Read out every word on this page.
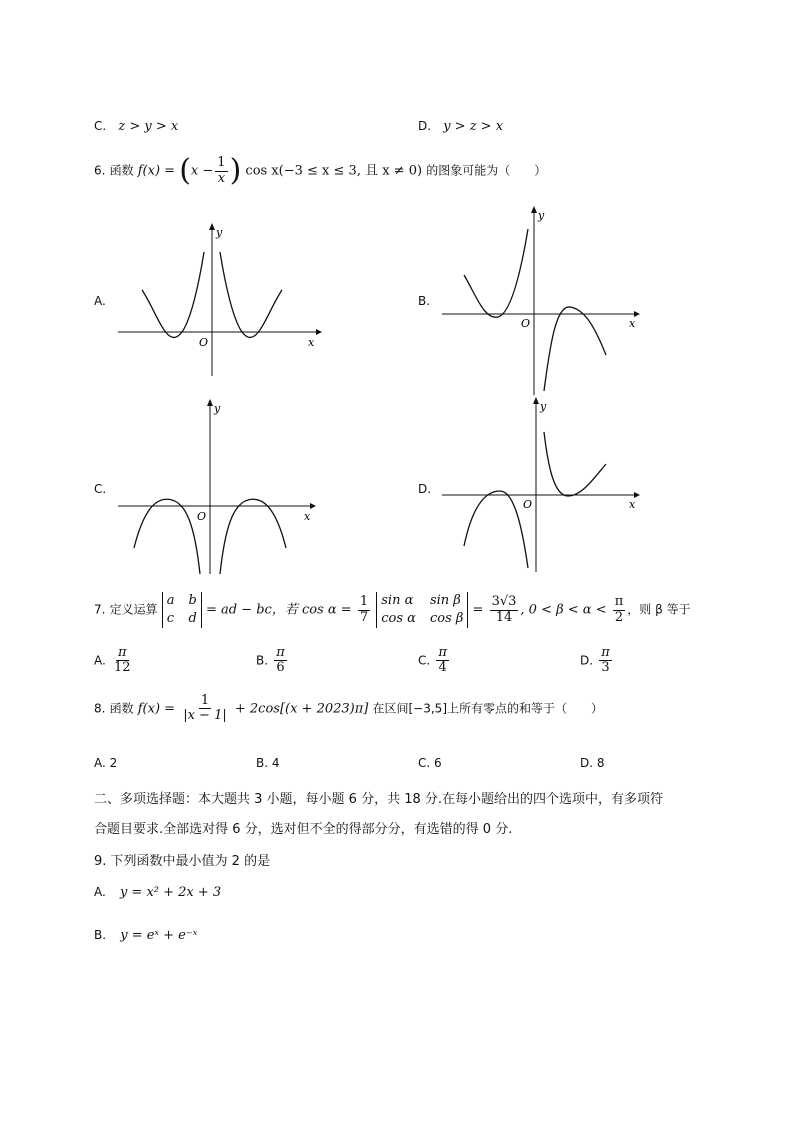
C. z > y > x	D. y > z > x
6. 函数 $f(x) = (x - \frac{1}{x}$ ) cos x(−3 ≤ x ≤ 3, 且 x ≠ 0) 的图象可能为（　　）
A.	B.
C.	D.
y
x
O
y
x
O
y
x
O
y
x
O
7. 定义运算
a b
c d
= ad − bc，若 $\cos \alpha = \frac{1}{7}$
sin α sin β
cos α cos β
= $\frac{3√3}{14}$ , $0 < \beta < \alpha < \frac{\pi}{2}$ ，则 β 等于
A. $\frac{\pi}{12}$	B. $\frac{\pi}{6}$	C. $\frac{\pi}{4}$	D. $\frac{\pi}{3}$
8. 函数 $f(x) = \frac{1}{|x - 1|} + 2\cos[(x + 2023)\pi]$ 在区间[−3,5]上所有零点的和等于（　　）
A. 2	B. 4	C. 6	D. 8
二、多项选择题：本大题共 3 小题，每小题 6 分，共 18 分.在每小题给出的四个选项中，有多项符
合题目要求.全部选对得 6 分，选对但不全的得部分分，有选错的得 0 分.
9. 下列函数中最小值为 2 的是
A. y = x² + 2x + 3
B. y = eˣ + e⁻ˣ
